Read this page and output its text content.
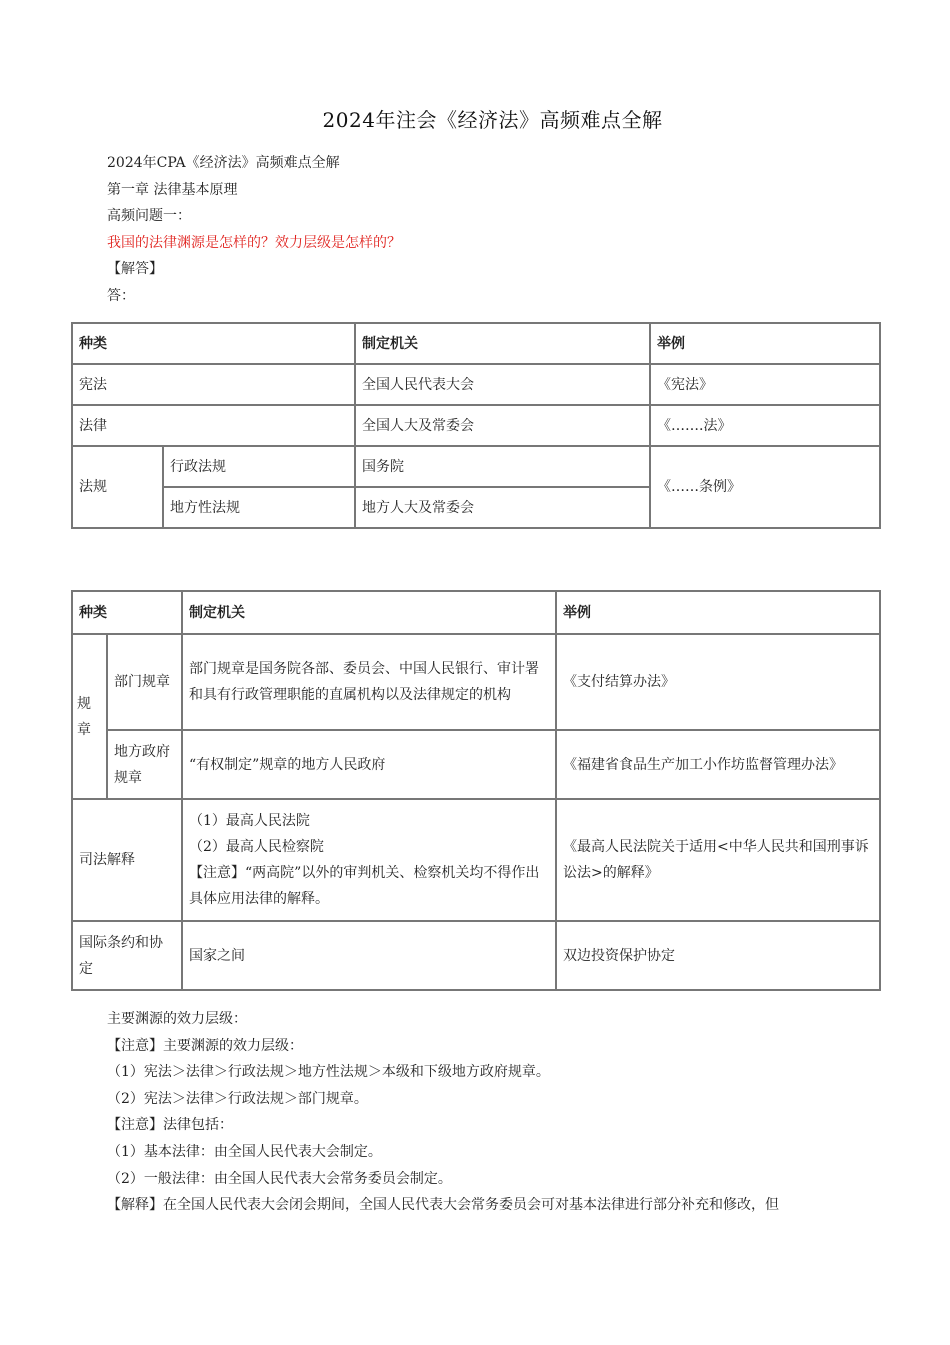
2024年注会《经济法》高频难点全解
2024年CPA《经济法》高频难点全解
第一章 法律基本原理
高频问题一：
我国的法律渊源是怎样的？效力层级是怎样的？
【解答】
答：
种类		制定机关	举例
宪法		全国人民代表大会	《宪法》
法律		全国人大及常委会	《…….法》
法规	行政法规	国务院	《……条例》
	地方性法规	地方人大及常委会	
种类		制定机关	举例
规章	部门规章	部门规章是国务院各部、委员会、中国人民银行、审计署和具有行政管理职能的直属机构以及法律规定的机构	《支付结算办法》
	地方政府规章	“有权制定”规章的地方人民政府	《福建省食品生产加工小作坊监督管理办法》
司法解释		（1）最高人民法院
（2）最高人民检察院
【注意】“两高院”以外的审判机关、检察机关均不得作出具体应用法律的解释。	《最高人民法院关于适用<中华人民共和国刑事诉讼法>的解释》
国际条约和协定		国家之间	双边投资保护协定
主要渊源的效力层级：
【注意】主要渊源的效力层级：
（1）宪法＞法律＞行政法规＞地方性法规＞本级和下级地方政府规章。
（2）宪法＞法律＞行政法规＞部门规章。
【注意】法律包括：
（1）基本法律：由全国人民代表大会制定。
（2）一般法律：由全国人民代表大会常务委员会制定。
【解释】在全国人民代表大会闭会期间，全国人民代表大会常务委员会可对基本法律进行部分补充和修改，但
